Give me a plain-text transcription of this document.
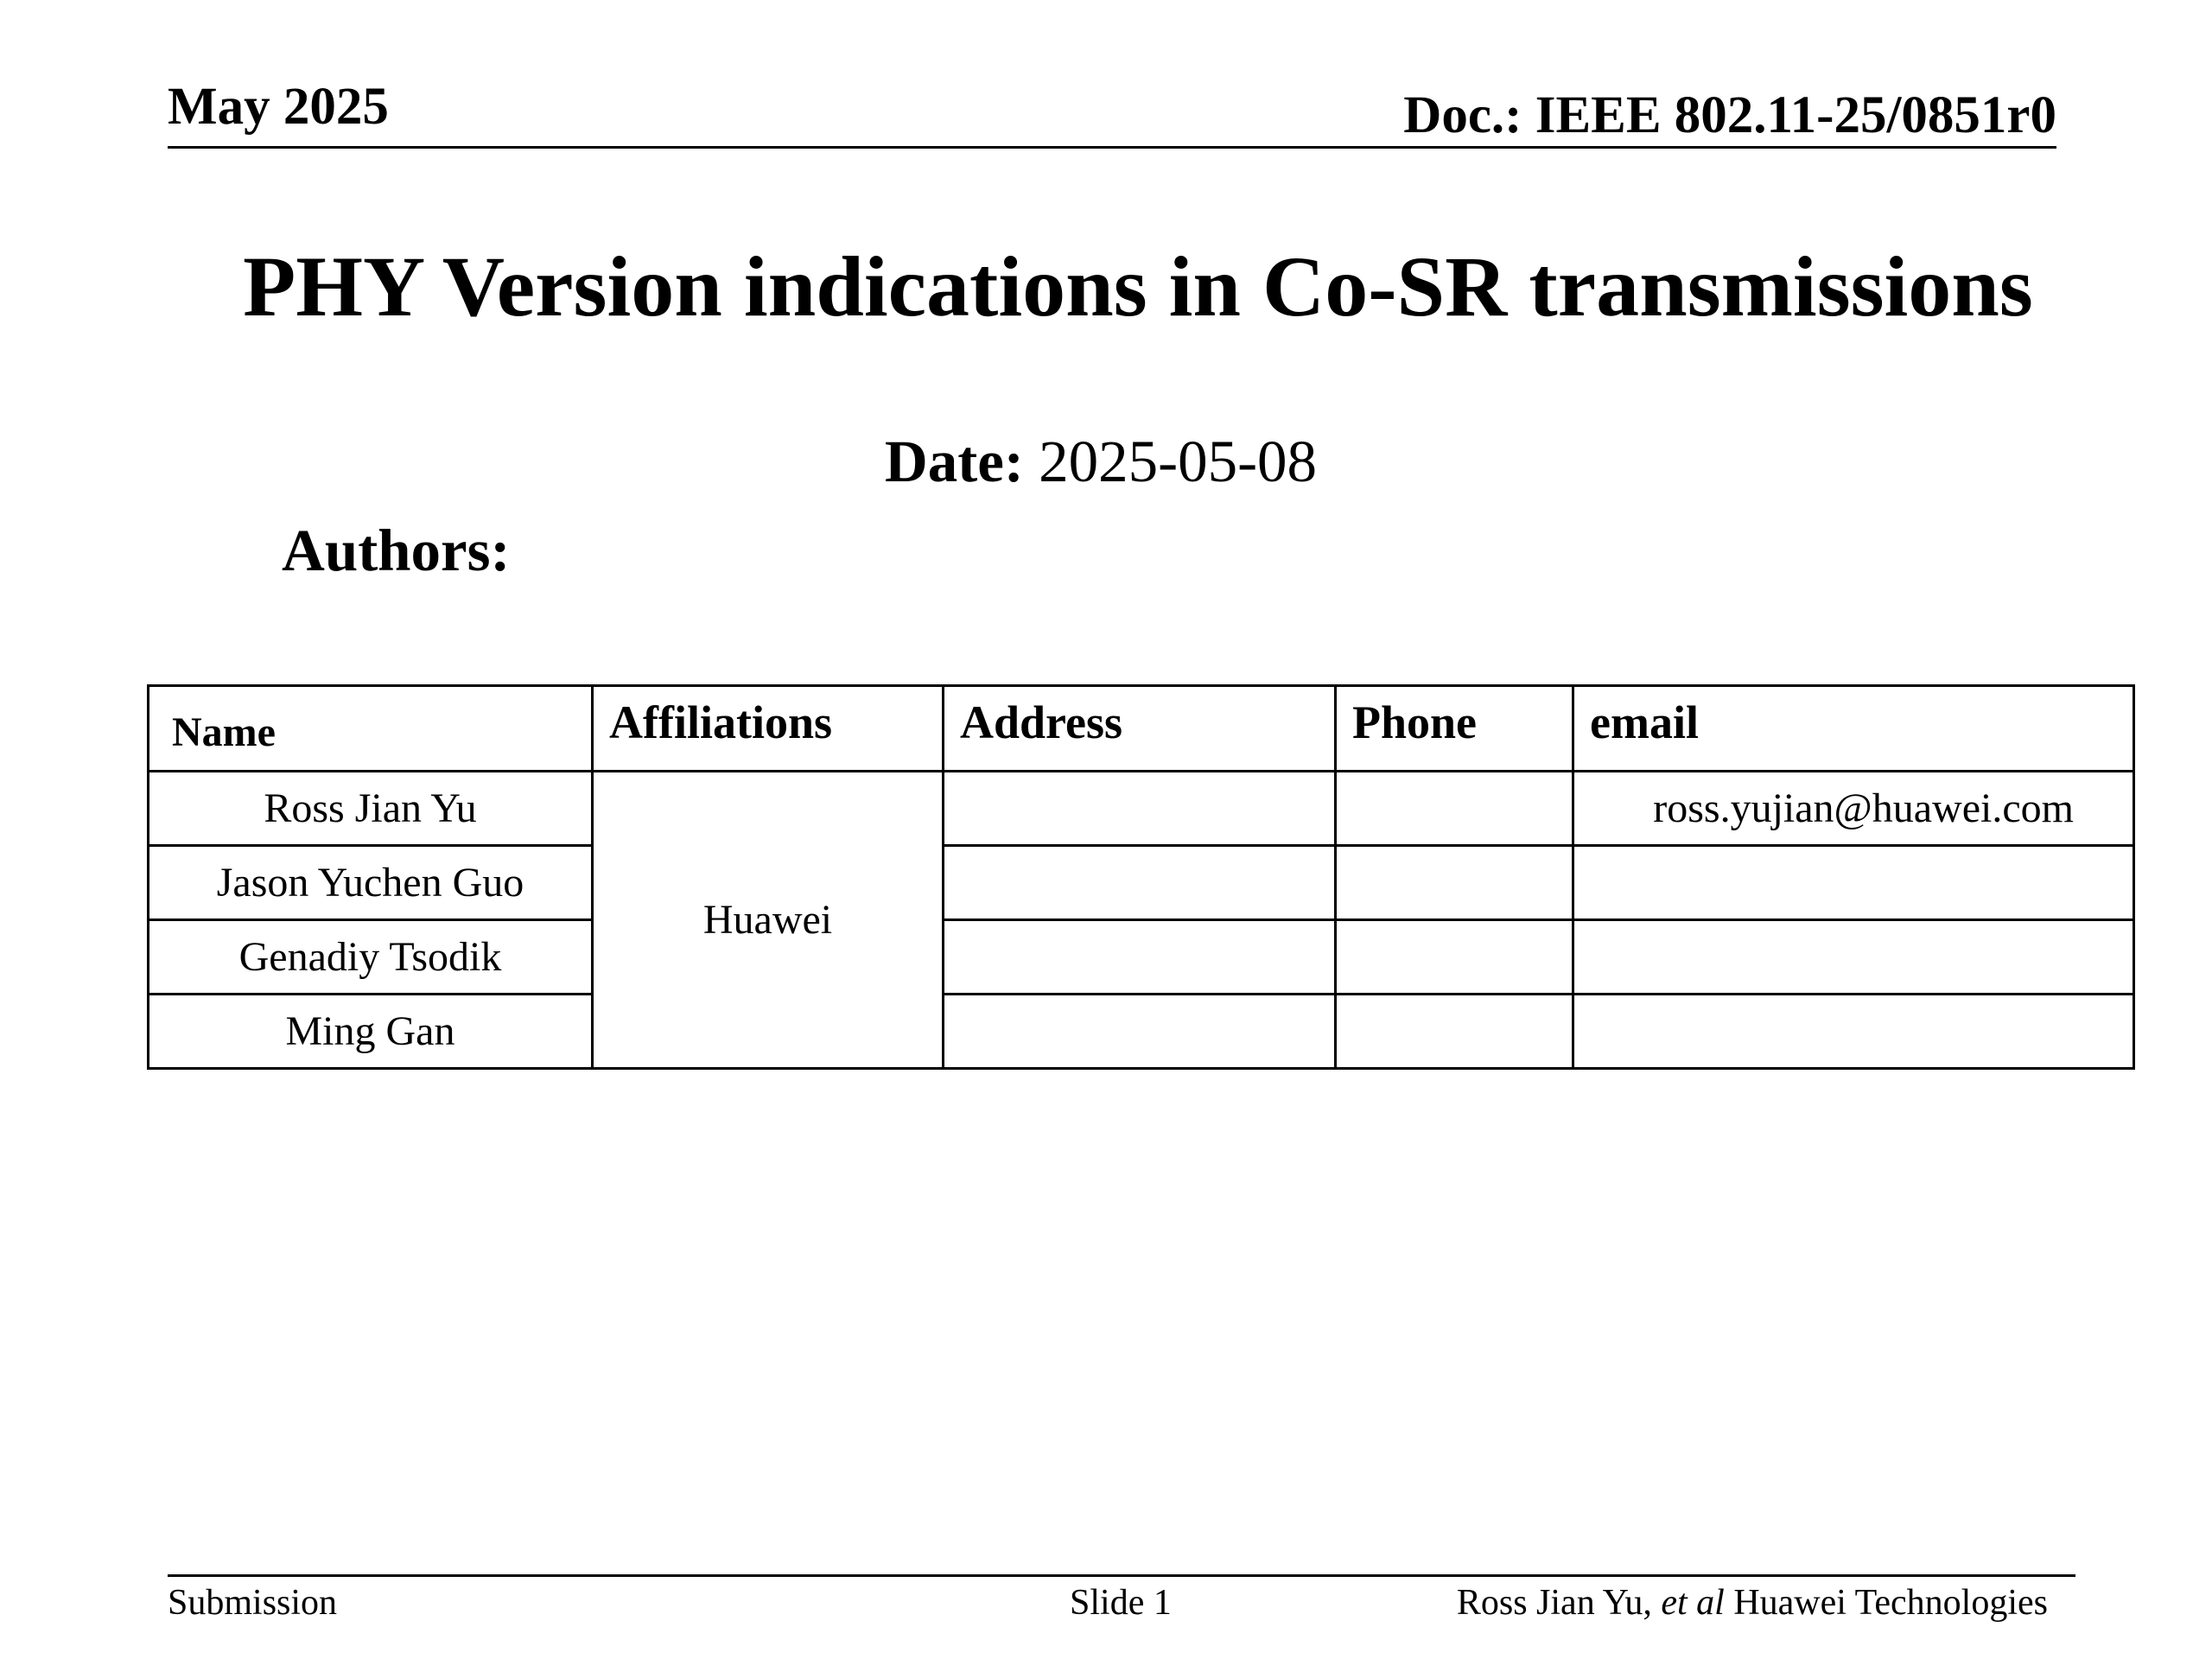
May 2025	Doc.: IEEE 802.11-25/0851r0
PHY Version indications in Co-SR transmissions
Date: 2025-05-08
Authors:
Name	Affiliations	Address	Phone	email
Ross Jian Yu	Huawei			ross.yujian@huawei.com
Jason Yuchen Guo				
Genadiy Tsodik				
Ming Gan				
Submission	Slide 1	Ross Jian Yu, et al Huawei Technologies
